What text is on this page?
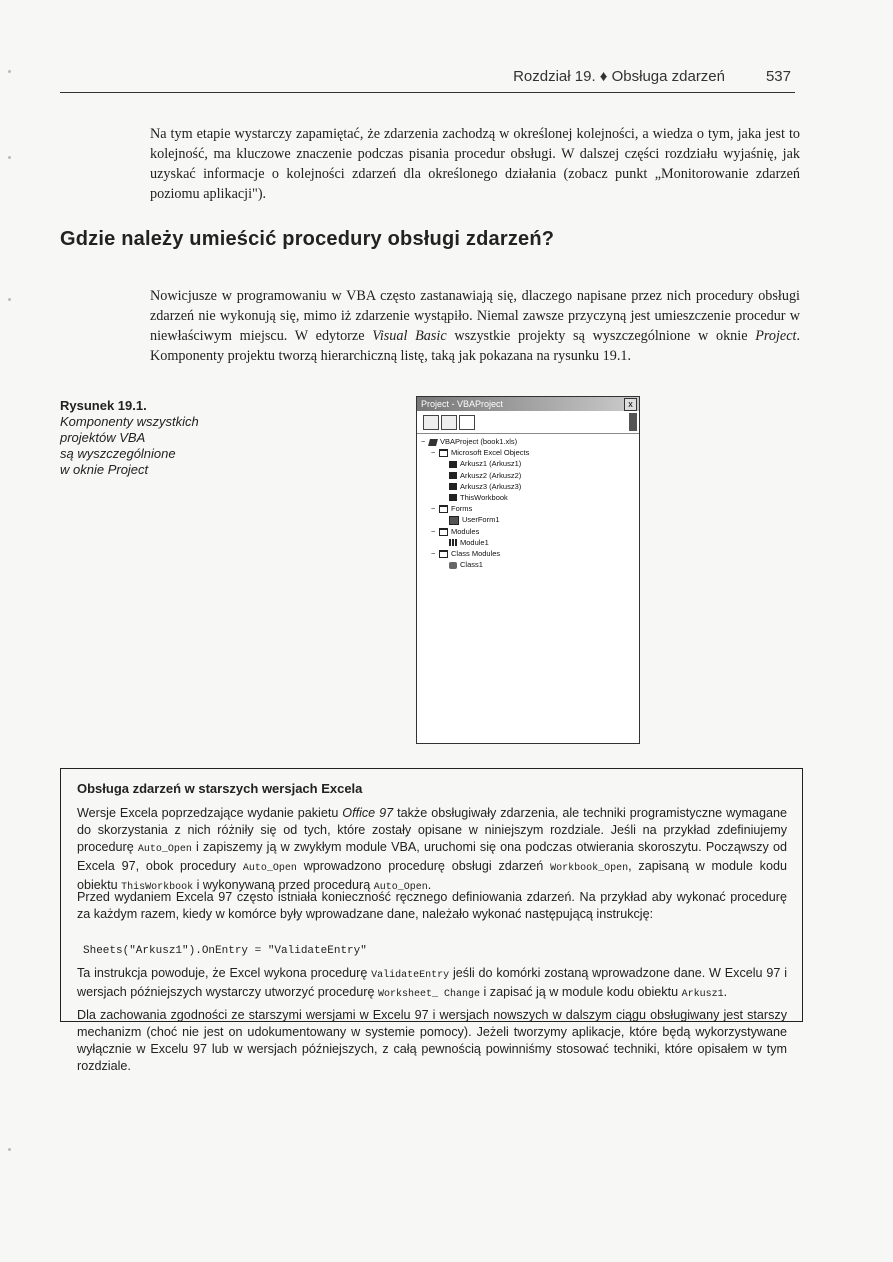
Rozdział 19. ♦ Obsługa zdarzeń	537
Na tym etapie wystarczy zapamiętać, że zdarzenia zachodzą w określonej kolejności, a wiedza o tym, jaka jest to kolejność, ma kluczowe znaczenie podczas pisania procedur obsługi. W dalszej części rozdziału wyjaśnię, jak uzyskać informacje o kolejności zdarzeń dla określonego działania (zobacz punkt „Monitorowanie zdarzeń poziomu aplikacji").
Gdzie należy umieścić procedury obsługi zdarzeń?
Nowicjusze w programowaniu w VBA często zastanawiają się, dlaczego napisane przez nich procedury obsługi zdarzeń nie wykonują się, mimo iż zdarzenie wystąpiło. Niemal zawsze przyczyną jest umieszczenie procedur w niewłaściwym miejscu. W edytorze Visual Basic wszystkie projekty są wyszczególnione w oknie Project. Komponenty projektu tworzą hierarchiczną listę, taką jak pokazana na rysunku 19.1.
Rysunek 19.1.
Komponenty wszystkich
projektów VBA
są wyszczególnione
w oknie Project
Project - VBAProject	x
− VBAProject (book1.xls)
− Microsoft Excel Objects
Arkusz1 (Arkusz1)
Arkusz2 (Arkusz2)
Arkusz3 (Arkusz3)
ThisWorkbook
− Forms
UserForm1
− Modules
Module1
− Class Modules
Class1
Obsługa zdarzeń w starszych wersjach Excela
Wersje Excela poprzedzające wydanie pakietu Office 97 także obsługiwały zdarzenia, ale techniki programistyczne wymagane do skorzystania z nich różniły się od tych, które zostały opisane w niniejszym rozdziale. Jeśli na przykład zdefiniujemy procedurę Auto_Open i zapiszemy ją w zwykłym module VBA, uruchomi się ona podczas otwierania skoroszytu. Począwszy od Excela 97, obok procedury Auto_Open wprowadzono procedurę obsługi zdarzeń Workbook_Open, zapisaną w module kodu obiektu ThisWorkbook i wykonywaną przed procedurą Auto_Open.
Przed wydaniem Excela 97 często istniała konieczność ręcznego definiowania zdarzeń. Na przykład aby wykonać procedurę za każdym razem, kiedy w komórce były wprowadzane dane, należało wykonać następującą instrukcję:
Sheets("Arkusz1").OnEntry = "ValidateEntry"
Ta instrukcja powoduje, że Excel wykona procedurę ValidateEntry jeśli do komórki zostaną wprowadzone dane. W Excelu 97 i wersjach późniejszych wystarczy utworzyć procedurę Worksheet_ Change i zapisać ją w module kodu obiektu Arkusz1.
Dla zachowania zgodności ze starszymi wersjami w Excelu 97 i wersjach nowszych w dalszym ciągu obsługiwany jest starszy mechanizm (choć nie jest on udokumentowany w systemie pomocy). Jeżeli tworzymy aplikacje, które będą wykorzystywane wyłącznie w Excelu 97 lub w wersjach późniejszych, z całą pewnością powinniśmy stosować techniki, które opisałem w tym rozdziale.
